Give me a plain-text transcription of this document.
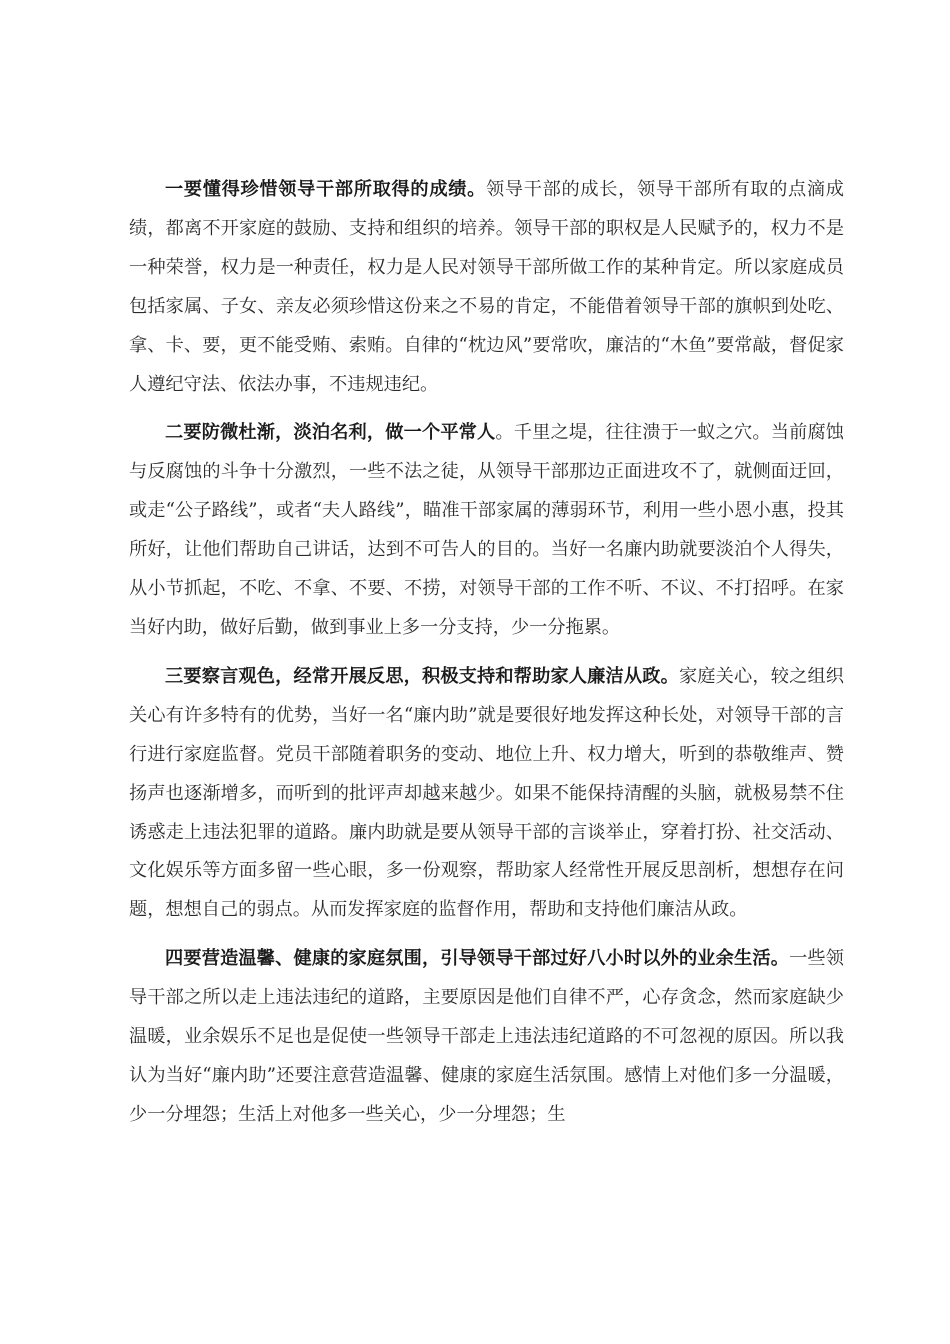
一要懂得珍惜领导干部所取得的成绩。领导干部的成长，领导干部所有取的点滴成绩，都离不开家庭的鼓励、支持和组织的培养。领导干部的职权是人民赋予的，权力不是一种荣誉，权力是一种责任，权力是人民对领导干部所做工作的某种肯定。所以家庭成员包括家属、子女、亲友必须珍惜这份来之不易的肯定，不能借着领导干部的旗帜到处吃、拿、卡、要，更不能受贿、索贿。自律的“枕边风”要常吹，廉洁的“木鱼”要常敲，督促家人遵纪守法、依法办事，不违规违纪。

二要防微杜渐，淡泊名利，做一个平常人。千里之堤，往往溃于一蚁之穴。当前腐蚀与反腐蚀的斗争十分激烈，一些不法之徒，从领导干部那边正面进攻不了，就侧面迂回，或走“公子路线”，或者“夫人路线”，瞄准干部家属的薄弱环节，利用一些小恩小惠，投其所好，让他们帮助自己讲话，达到不可告人的目的。当好一名廉内助就要淡泊个人得失，从小节抓起，不吃、不拿、不要、不捞，对领导干部的工作不听、不议、不打招呼。在家当好内助，做好后勤，做到事业上多一分支持，少一分拖累。

三要察言观色，经常开展反思，积极支持和帮助家人廉洁从政。家庭关心，较之组织关心有许多特有的优势，当好一名“廉内助”就是要很好地发挥这种长处，对领导干部的言行进行家庭监督。党员干部随着职务的变动、地位上升、权力增大，听到的恭敬维声、赞扬声也逐渐增多，而听到的批评声却越来越少。如果不能保持清醒的头脑，就极易禁不住诱惑走上违法犯罪的道路。廉内助就是要从领导干部的言谈举止，穿着打扮、社交活动、文化娱乐等方面多留一些心眼，多一份观察，帮助家人经常性开展反思剖析，想想存在问题，想想自己的弱点。从而发挥家庭的监督作用，帮助和支持他们廉洁从政。

四要营造温馨、健康的家庭氛围，引导领导干部过好八小时以外的业余生活。一些领导干部之所以走上违法违纪的道路，主要原因是他们自律不严，心存贪念，然而家庭缺少温暖，业余娱乐不足也是促使一些领导干部走上违法违纪道路的不可忽视的原因。所以我认为当好“廉内助”还要注意营造温馨、健康的家庭生活氛围。感情上对他们多一分温暖，少一分埋怨；生活上对他多一些关心，少一分埋怨；生
